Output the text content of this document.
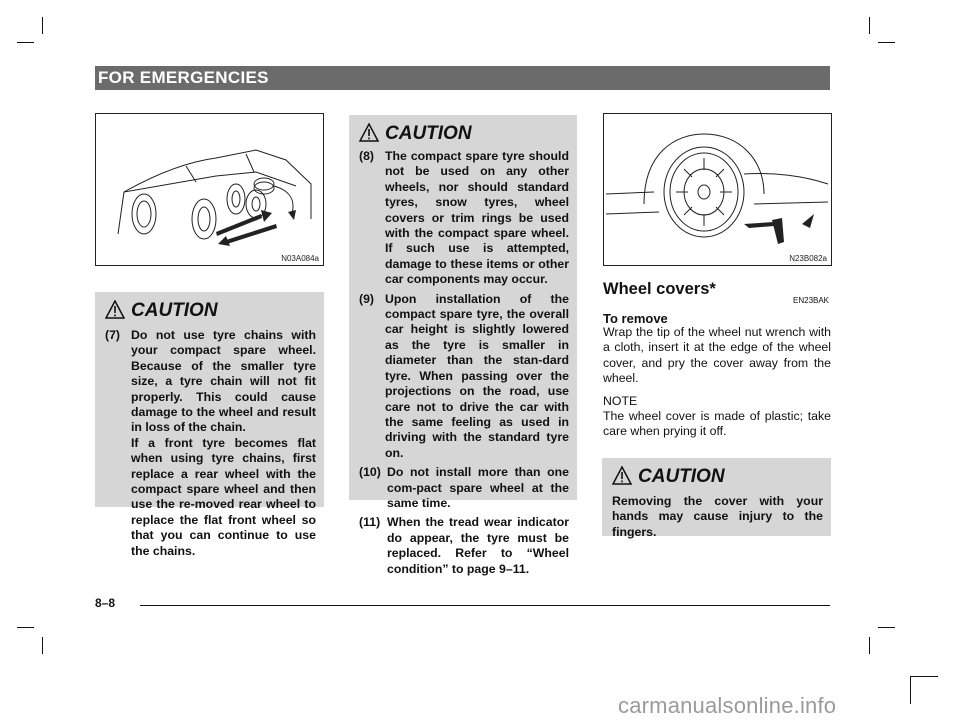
FOR EMERGENCIES
N03A084a
CAUTION
(7) Do not use tyre chains with your compact spare wheel. Because of the smaller tyre size, a tyre chain will not fit properly. This could cause damage to the wheel and result in loss of the chain.
If a front tyre becomes flat when using tyre chains, first replace a rear wheel with the compact spare wheel and then use the re-moved rear wheel to replace the flat front wheel so that you can continue to use the chains.
CAUTION
(8) The compact spare tyre should not be used on any other wheels, nor should standard tyres, snow tyres, wheel covers or trim rings be used with the compact spare wheel. If such use is attempted, damage to these items or other car components may occur.
(9) Upon installation of the compact spare tyre, the overall car height is slightly lowered as the tyre is smaller in diameter than the stan-dard tyre. When passing over the projections on the road, use care not to drive the car with the same feeling as used in driving with the standard tyre on.
(10) Do not install more than one com-pact spare wheel at the same time.
(11) When the tread wear indicator do appear, the tyre must be replaced. Refer to “Wheel condition” to page 9–11.
N23B082a
Wheel covers*
EN23BAK
To remove
Wrap the tip of the wheel nut wrench with a cloth, insert it at the edge of the wheel cover, and pry the cover away from the wheel.
NOTE
The wheel cover is made of plastic; take care when prying it off.
CAUTION
Removing the cover with your hands may cause injury to the fingers.
8–8
carmanualsonline.info
